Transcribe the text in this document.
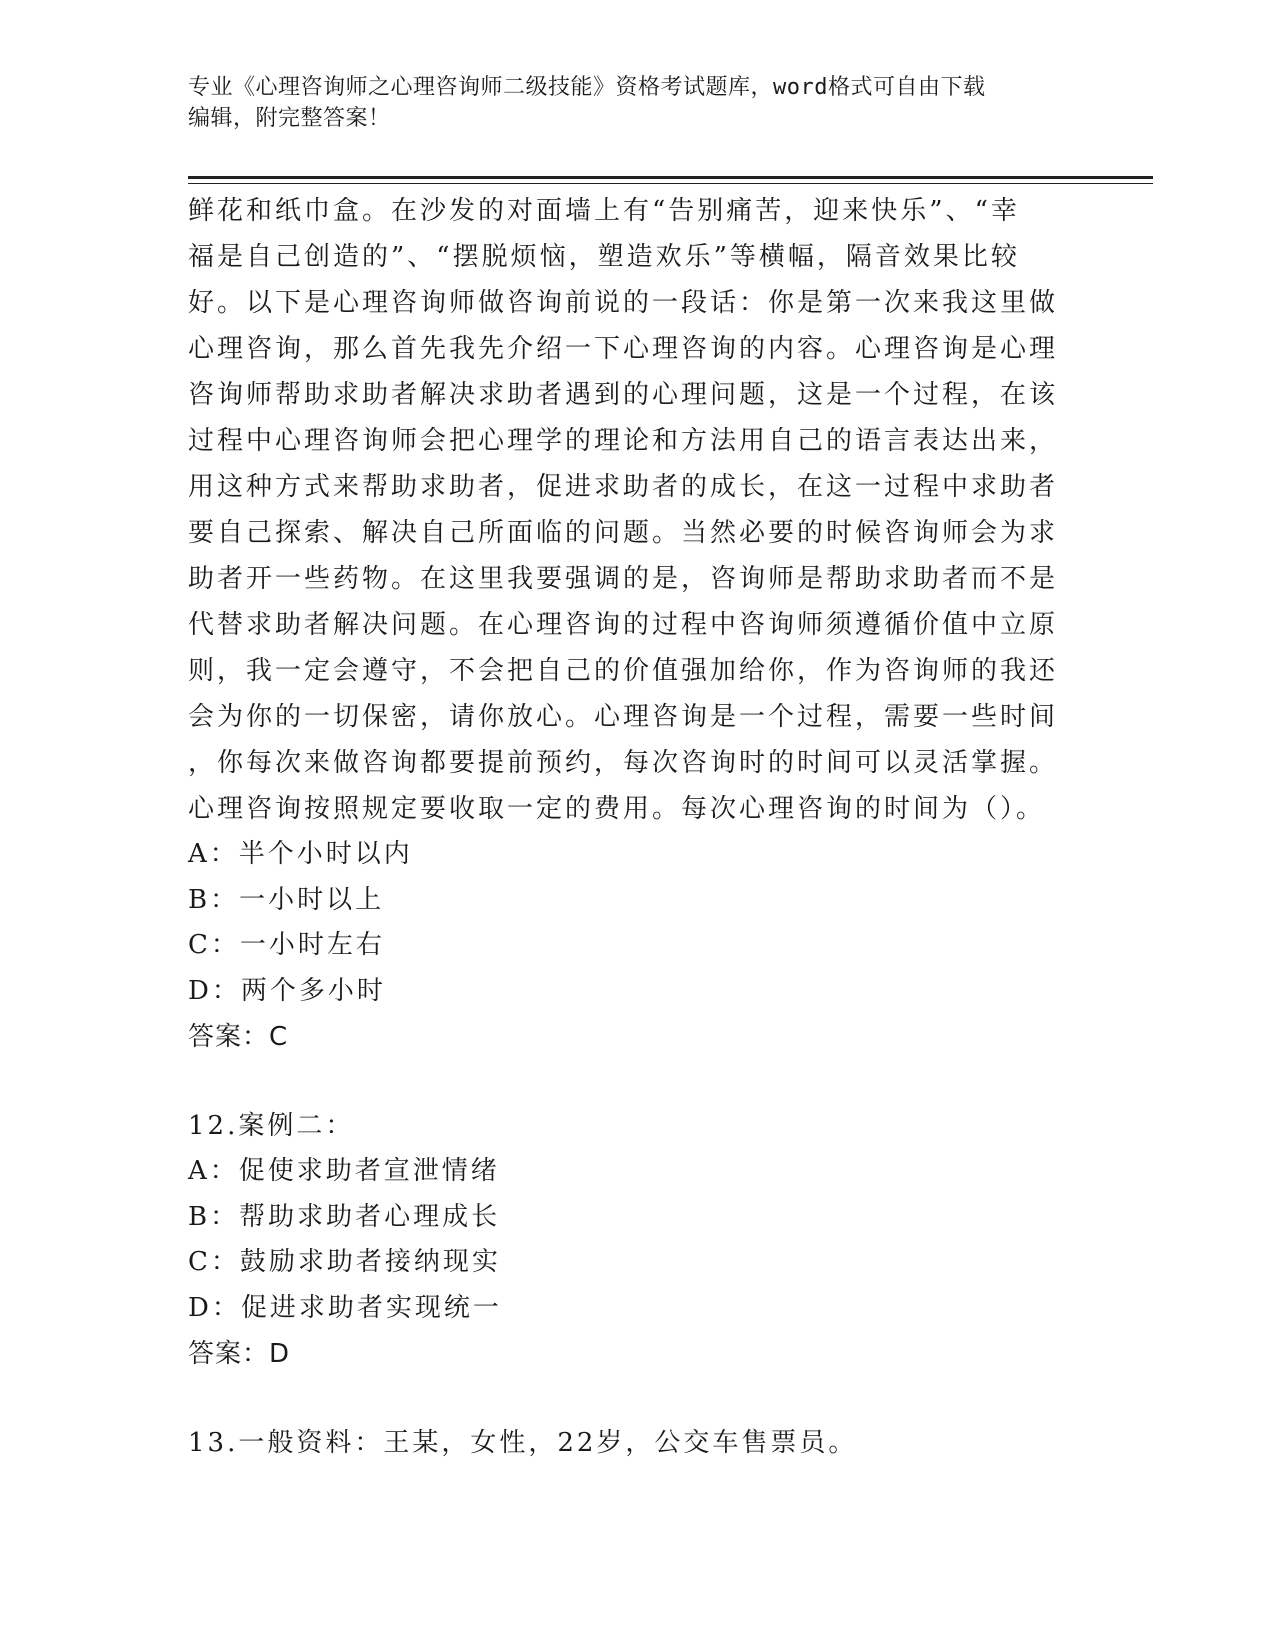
专业《心理咨询师之心理咨询师二级技能》资格考试题库，word格式可自由下载
编辑，附完整答案！
鲜花和纸巾盒。在沙发的对面墙上有“告别痛苦，迎来快乐”、“幸
福是自己创造的”、“摆脱烦恼，塑造欢乐”等横幅，隔音效果比较
好。以下是心理咨询师做咨询前说的一段话：你是第一次来我这里做
心理咨询，那么首先我先介绍一下心理咨询的内容。心理咨询是心理
咨询师帮助求助者解决求助者遇到的心理问题，这是一个过程，在该
过程中心理咨询师会把心理学的理论和方法用自己的语言表达出来，
用这种方式来帮助求助者，促进求助者的成长，在这一过程中求助者
要自己探索、解决自己所面临的问题。当然必要的时候咨询师会为求
助者开一些药物。在这里我要强调的是，咨询师是帮助求助者而不是
代替求助者解决问题。在心理咨询的过程中咨询师须遵循价值中立原
则，我一定会遵守，不会把自己的价值强加给你，作为咨询师的我还
会为你的一切保密，请你放心。心理咨询是一个过程，需要一些时间
，你每次来做咨询都要提前预约，每次咨询时的时间可以灵活掌握。
心理咨询按照规定要收取一定的费用。每次心理咨询的时间为（）。
A：半个小时以内
B：一小时以上
C：一小时左右
D：两个多小时
答案：C
12.案例二：
A：促使求助者宣泄情绪
B：帮助求助者心理成长
C：鼓励求助者接纳现实
D：促进求助者实现统一
答案：D
13.一般资料：王某，女性，22岁，公交车售票员。
